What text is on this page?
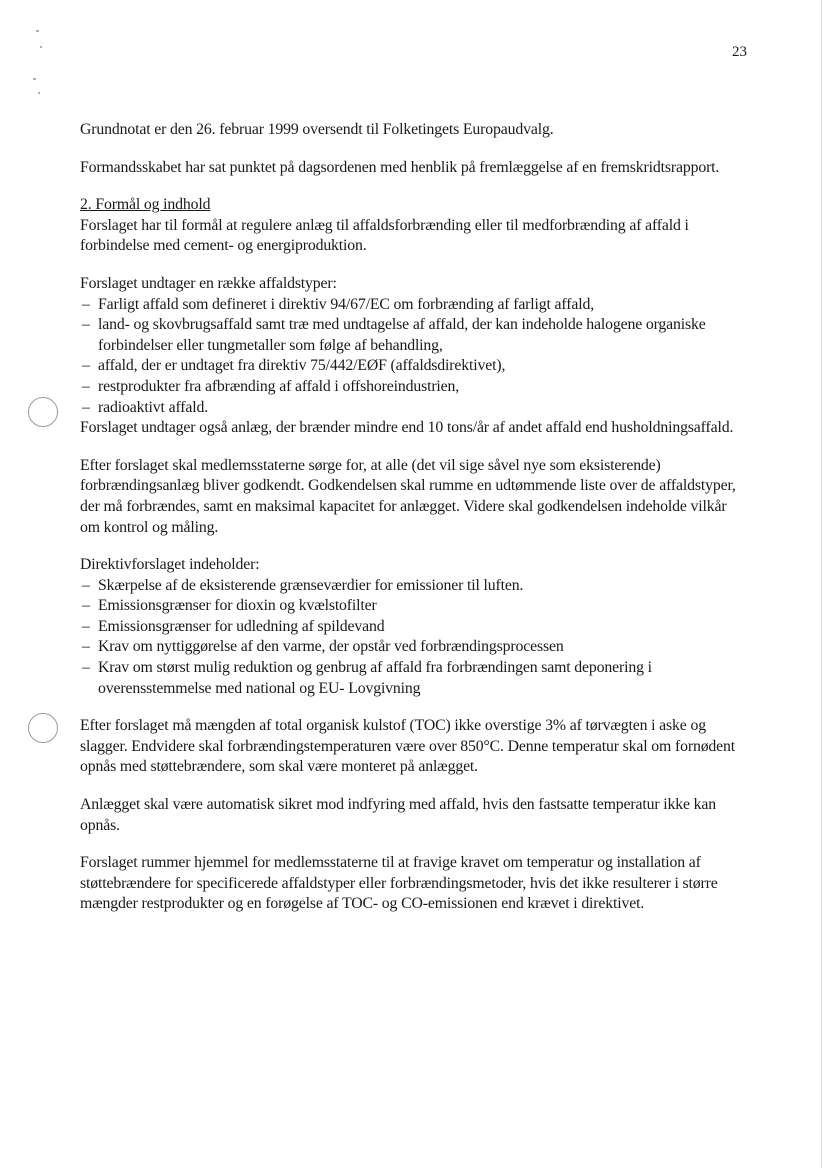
23

Grundnotat er den 26. februar 1999 oversendt til Folketingets Europaudvalg.

Formandsskabet har sat punktet på dagsordenen med henblik på fremlæggelse af en fremskridtsrapport.

2. Formål og indhold
Forslaget har til formål at regulere anlæg til affaldsforbrænding eller til medforbrænding af affald i forbindelse med cement- og energiproduktion.
Forslaget undtager en række affaldstyper:
– Farligt affald som defineret i direktiv 94/67/EC om forbrænding af farligt affald,
– land- og skovbrugsaffald samt træ med undtagelse af affald, der kan indeholde halogene organiske forbindelser eller tungmetaller som følge af behandling,
– affald, der er undtaget fra direktiv 75/442/EØF (affaldsdirektivet),
– restprodukter fra afbrænding af affald i offshoreindustrien,
– radioaktivt affald.
Forslaget undtager også anlæg, der brænder mindre end 10 tons/år af andet affald end husholdningsaffald.

Efter forslaget skal medlemsstaterne sørge for, at alle (det vil sige såvel nye som eksisterende) forbrændingsanlæg bliver godkendt. Godkendelsen skal rumme en udtømmende liste over de affaldstyper, der må forbrændes, samt en maksimal kapacitet for anlægget. Videre skal godkendelsen indeholde vilkår om kontrol og måling.

Direktivforslaget indeholder:
– Skærpelse af de eksisterende grænseværdier for emissioner til luften.
– Emissionsgrænser for dioxin og kvælstofilter
– Emissionsgrænser for udledning af spildevand
– Krav om nyttiggørelse af den varme, der opstår ved forbrændingsprocessen
– Krav om størst mulig reduktion og genbrug af affald fra forbrændingen samt deponering i overensstemmelse med national og EU- Lovgivning

Efter forslaget må mængden af total organisk kulstof (TOC) ikke overstige 3% af tørvægten i aske og slagger. Endvidere skal forbrændingstemperaturen være over 850°C. Denne temperatur skal om fornødent opnås med støttebrændere, som skal være monteret på anlægget.

Anlægget skal være automatisk sikret mod indfyring med affald, hvis den fastsatte temperatur ikke kan opnås.

Forslaget rummer hjemmel for medlemsstaterne til at fravige kravet om temperatur og installation af støttebrændere for specificerede affaldstyper eller forbrændingsmetoder, hvis det ikke resulterer i større mængder restprodukter og en forøgelse af TOC- og CO-emissionen end krævet i direktivet.
